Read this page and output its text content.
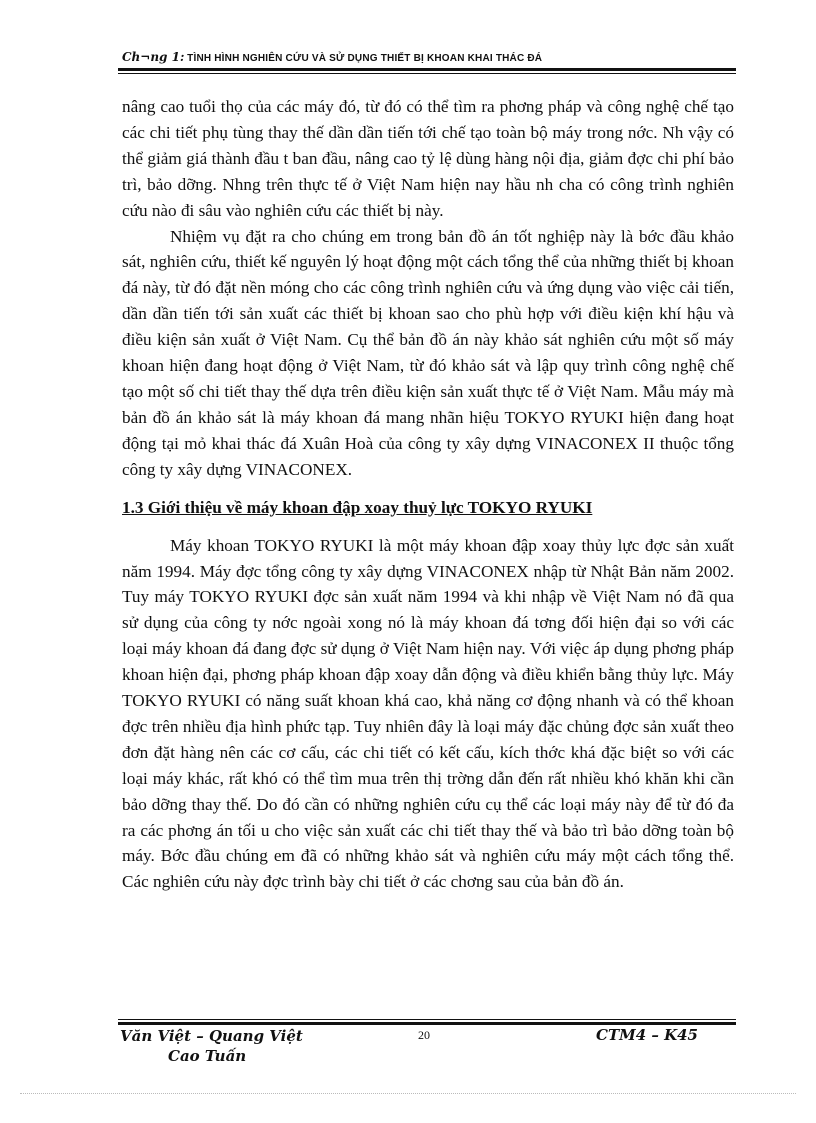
Ch¬ng 1: TÌNH HÌNH NGHIÊN CỨU VÀ SỬ DỤNG THIẾT BỊ KHOAN KHAI THÁC ĐÁ

nâng cao tuổi thọ của các máy đó, từ đó có thể tìm ra phơng pháp và công nghệ chế tạo các chi tiết phụ tùng thay thế dần dần tiến tới chế tạo toàn bộ máy trong nớc. Nh vậy có thể giảm giá thành đầu t ban đầu, nâng cao tỷ lệ dùng hàng nội địa, giảm đợc chi phí bảo trì, bảo dỡng. Nhng trên thực tế ở Việt Nam hiện nay hầu nh cha có công trình nghiên cứu nào đi sâu vào nghiên cứu các thiết bị này.

Nhiệm vụ đặt ra cho chúng em trong bản đồ án tốt nghiệp này là bớc đầu khảo sát, nghiên cứu, thiết kế nguyên lý hoạt động một cách tổng thể của những thiết bị khoan đá này, từ đó đặt nền móng cho các công trình nghiên cứu và ứng dụng vào việc cải tiến, dần dần tiến tới sản xuất các thiết bị khoan sao cho phù hợp với điều kiện khí hậu và điều kiện sản xuất ở Việt Nam. Cụ thể bản đồ án này khảo sát nghiên cứu một số máy khoan hiện đang hoạt động ở Việt Nam, từ đó khảo sát và lập quy trình công nghệ chế tạo một số chi tiết thay thế dựa trên điều kiện sản xuất thực tế ở Việt Nam. Mẫu máy mà bản đồ án khảo sát là máy khoan đá mang nhãn hiệu TOKYO RYUKI hiện đang hoạt động tại mỏ khai thác đá Xuân Hoà của công ty xây dựng VINACONEX II thuộc tổng công ty xây dựng VINACONEX.

1.3 Giới thiệu về máy khoan đập xoay thuỷ lực TOKYO RYUKI

Máy khoan TOKYO RYUKI là một máy khoan đập xoay thủy lực đợc sản xuất năm 1994. Máy đợc tổng công ty xây dựng VINACONEX nhập từ Nhật Bản năm 2002. Tuy máy TOKYO RYUKI đợc sản xuất năm 1994 và khi nhập về Việt Nam nó đã qua sử dụng của công ty nớc ngoài xong nó là máy khoan đá tơng đối hiện đại so với các loại máy khoan đá đang đợc sử dụng ở Việt Nam hiện nay. Với việc áp dụng phơng pháp khoan hiện đại, phơng pháp khoan đập xoay dẫn động và điều khiển bằng thủy lực. Máy TOKYO RYUKI có năng suất khoan khá cao, khả năng cơ động nhanh và có thể khoan đợc trên nhiều địa hình phức tạp. Tuy nhiên đây là loại máy đặc chủng đợc sản xuất theo đơn đặt hàng nên các cơ cấu, các chi tiết có kết cấu, kích thớc khá đặc biệt so với các loại máy khác, rất khó có thể tìm mua trên thị trờng dẫn đến rất nhiều khó khăn khi cần bảo dỡng thay thế. Do đó cần có những nghiên cứu cụ thể các loại máy này để từ đó đa ra các phơng án tối u cho việc sản xuất các chi tiết thay thế và bảo trì bảo dỡng toàn bộ máy. Bớc đầu chúng em đã có những khảo sát và nghiên cứu máy một cách tổng thể. Các nghiên cứu này đợc trình bày chi tiết ở các chơng sau của bản đồ án.

Văn Việt – Quang Việt
Cao Tuấn
20	CTM4 – K45
